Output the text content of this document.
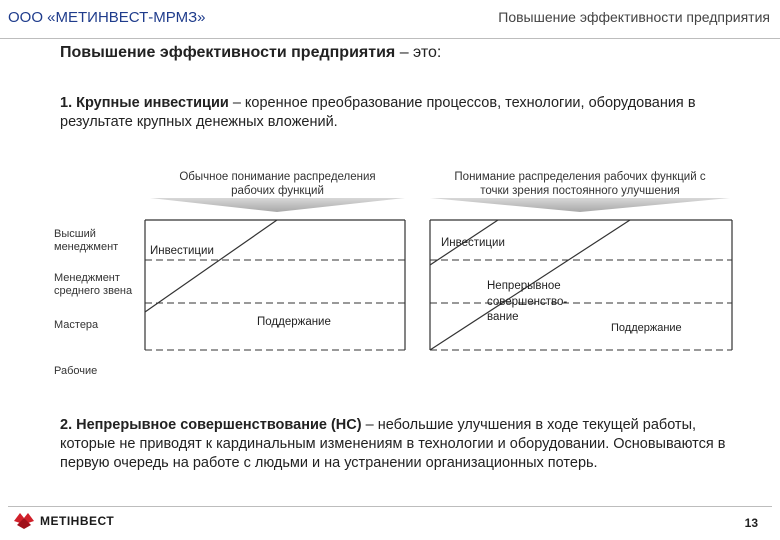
ООО «МЕТИНВЕСТ-МРМЗ»	Повышение эффективности предприятия
Повышение эффективности предприятия – это:
1. Крупные инвестиции – коренное преобразование процессов, технологии, оборудования в результате крупных денежных вложений.
Обычное понимание распределения
рабочих функций
Понимание распределения рабочих функций с
точки зрения постоянного улучшения
Высший
менеджмент
Менеджмент
среднего звена
Мастера
Рабочие
Инвестиции
Поддержание
Инвестиции
Непрерывное
совершенство-
вание
Поддержание
2. Непрерывное совершенствование (НС) – небольшие улучшения в ходе текущей работы, которые не приводят к кардинальным изменениям в технологии и оборудовании. Основываются в первую очередь на работе с людьми и на устранении организационных потерь.
МЕТІНВЕСТ	13
